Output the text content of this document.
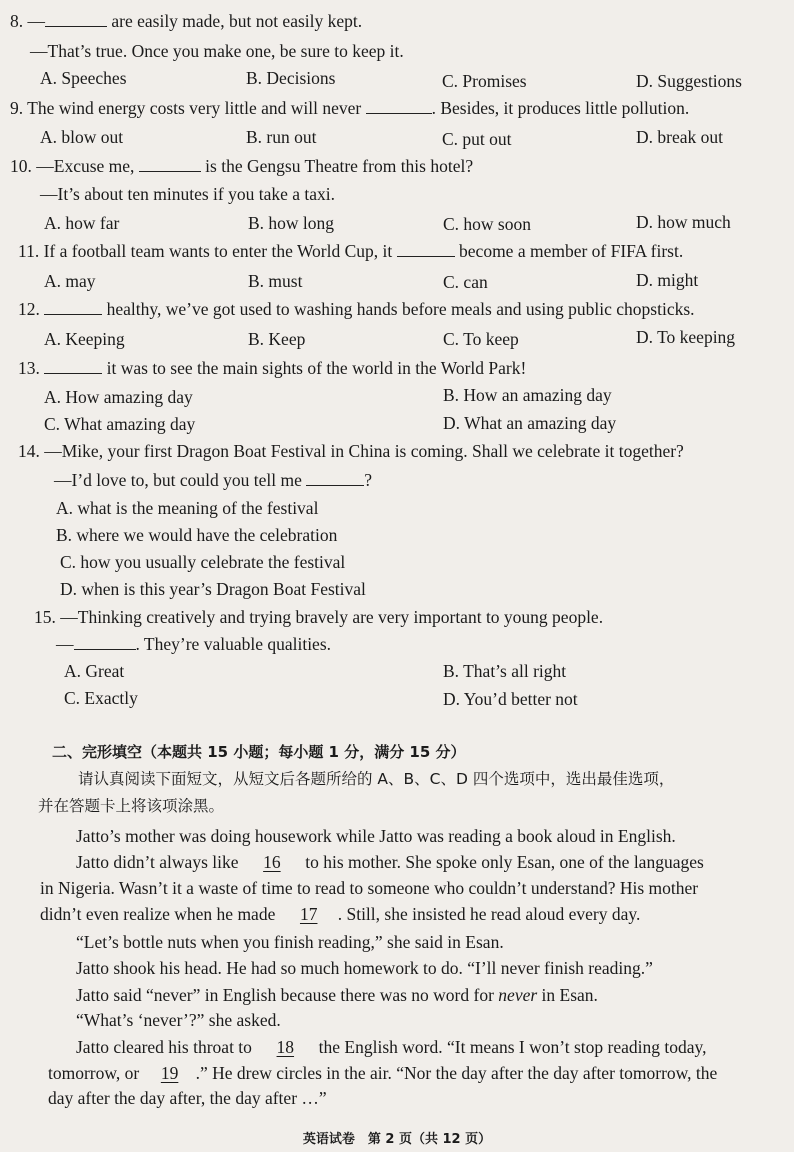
8. —	are easily made, but not easily kept.
—That’s true. Once you make one, be sure to keep it.
A. Speeches	B. Decisions	C. Promises	D. Suggestions
9. The wind energy costs very little and will never	. Besides, it produces little pollution.
A. blow out	B. run out	C. put out	D. break out
10. —Excuse me,	is the Gengsu Theatre from this hotel?
—It’s about ten minutes if you take a taxi.
A. how far	B. how long	C. how soon	D. how much
11. If a football team wants to enter the World Cup, it	become a member of FIFA first.
A. may	B. must	C. can	D. might
12.	healthy, we’ve got used to washing hands before meals and using public chopsticks.
A. Keeping	B. Keep	C. To keep	D. To keeping
13.	it was to see the main sights of the world in the World Park!
A. How amazing day	B. How an amazing day
C. What amazing day	D. What an amazing day
14. —Mike, your first Dragon Boat Festival in China is coming. Shall we celebrate it together?
—I’d love to, but could you tell me	?
A. what is the meaning of the festival
B. where we would have the celebration
C. how you usually celebrate the festival
D. when is this year’s Dragon Boat Festival
15. —Thinking creatively and trying bravely are very important to young people.
—	. They’re valuable qualities.
A. Great	B. That’s all right
C. Exactly	D. You’d better not
二、完形填空（本题共 15 小题；每小题 1 分，满分 15 分）
请认真阅读下面短文，从短文后各题所给的 A、B、C、D 四个选项中，选出最佳选项，
并在答题卡上将该项涂黑。
Jatto’s mother was doing housework while Jatto was reading a book aloud in English.
Jatto didn’t always like 16 to his mother. She spoke only Esan, one of the languages
in Nigeria. Wasn’t it a waste of time to read to someone who couldn’t understand? His mother
didn’t even realize when he made 17 . Still, she insisted he read aloud every day.
“Let’s bottle nuts when you finish reading,” she said in Esan.
Jatto shook his head. He had so much homework to do. “I’ll never finish reading.”
Jatto said “never” in English because there was no word for never in Esan.
“What’s ‘never’?” she asked.
Jatto cleared his throat to 18 the English word. “It means I won’t stop reading today,
tomorrow, or 19 .” He drew circles in the air. “Nor the day after the day after tomorrow, the
day after the day after, the day after …”
英语试卷　第 2 页（共 12 页）
